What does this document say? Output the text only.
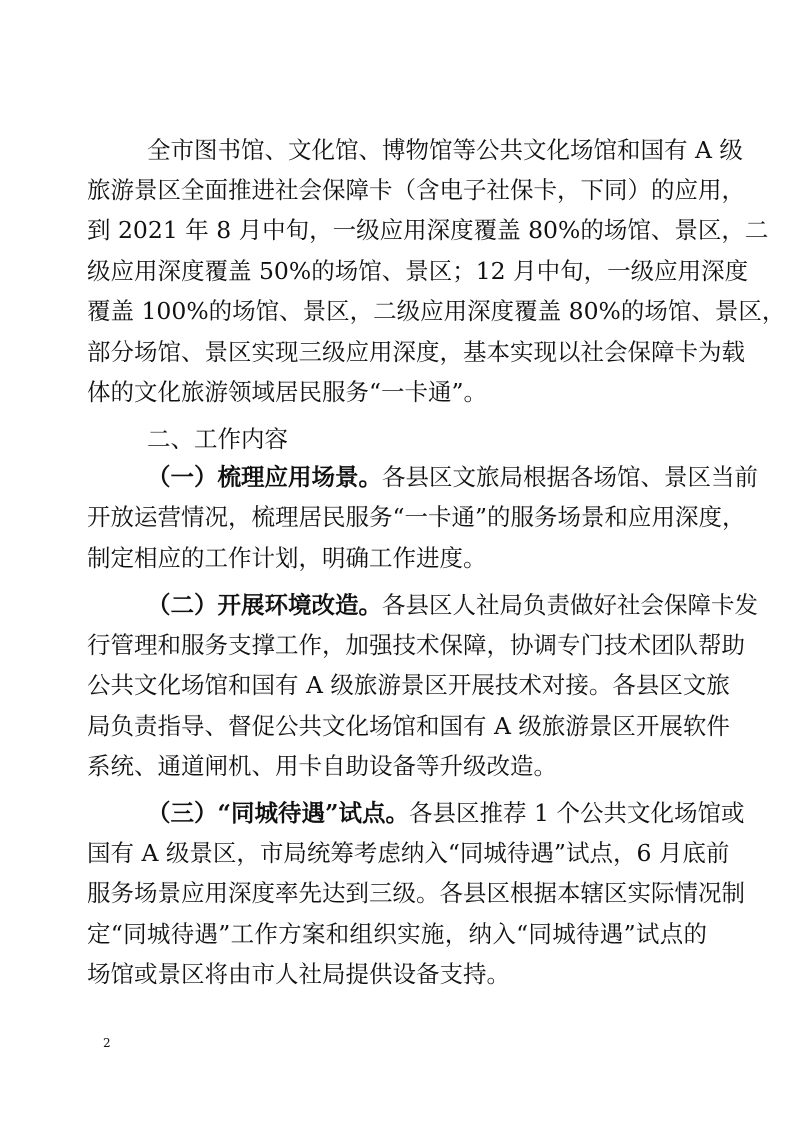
全市图书馆、文化馆、博物馆等公共文化场馆和国有 A 级
旅游景区全面推进社会保障卡（含电子社保卡，下同）的应用，
到 2021 年 8 月中旬，一级应用深度覆盖 80%的场馆、景区，二
级应用深度覆盖 50%的场馆、景区；12 月中旬，一级应用深度
覆盖 100%的场馆、景区，二级应用深度覆盖 80%的场馆、景区，
部分场馆、景区实现三级应用深度，基本实现以社会保障卡为载
体的文化旅游领域居民服务“一卡通”。
二、工作内容
（一）梳理应用场景。各县区文旅局根据各场馆、景区当前
开放运营情况，梳理居民服务“一卡通”的服务场景和应用深度，
制定相应的工作计划，明确工作进度。
（二）开展环境改造。各县区人社局负责做好社会保障卡发
行管理和服务支撑工作，加强技术保障，协调专门技术团队帮助
公共文化场馆和国有 A 级旅游景区开展技术对接。各县区文旅
局负责指导、督促公共文化场馆和国有 A 级旅游景区开展软件
系统、通道闸机、用卡自助设备等升级改造。
（三）“同城待遇”试点。各县区推荐 1 个公共文化场馆或
国有 A 级景区，市局统筹考虑纳入“同城待遇”试点，6 月底前
服务场景应用深度率先达到三级。各县区根据本辖区实际情况制
定“同城待遇”工作方案和组织实施，纳入“同城待遇”试点的
场馆或景区将由市人社局提供设备支持。
2
